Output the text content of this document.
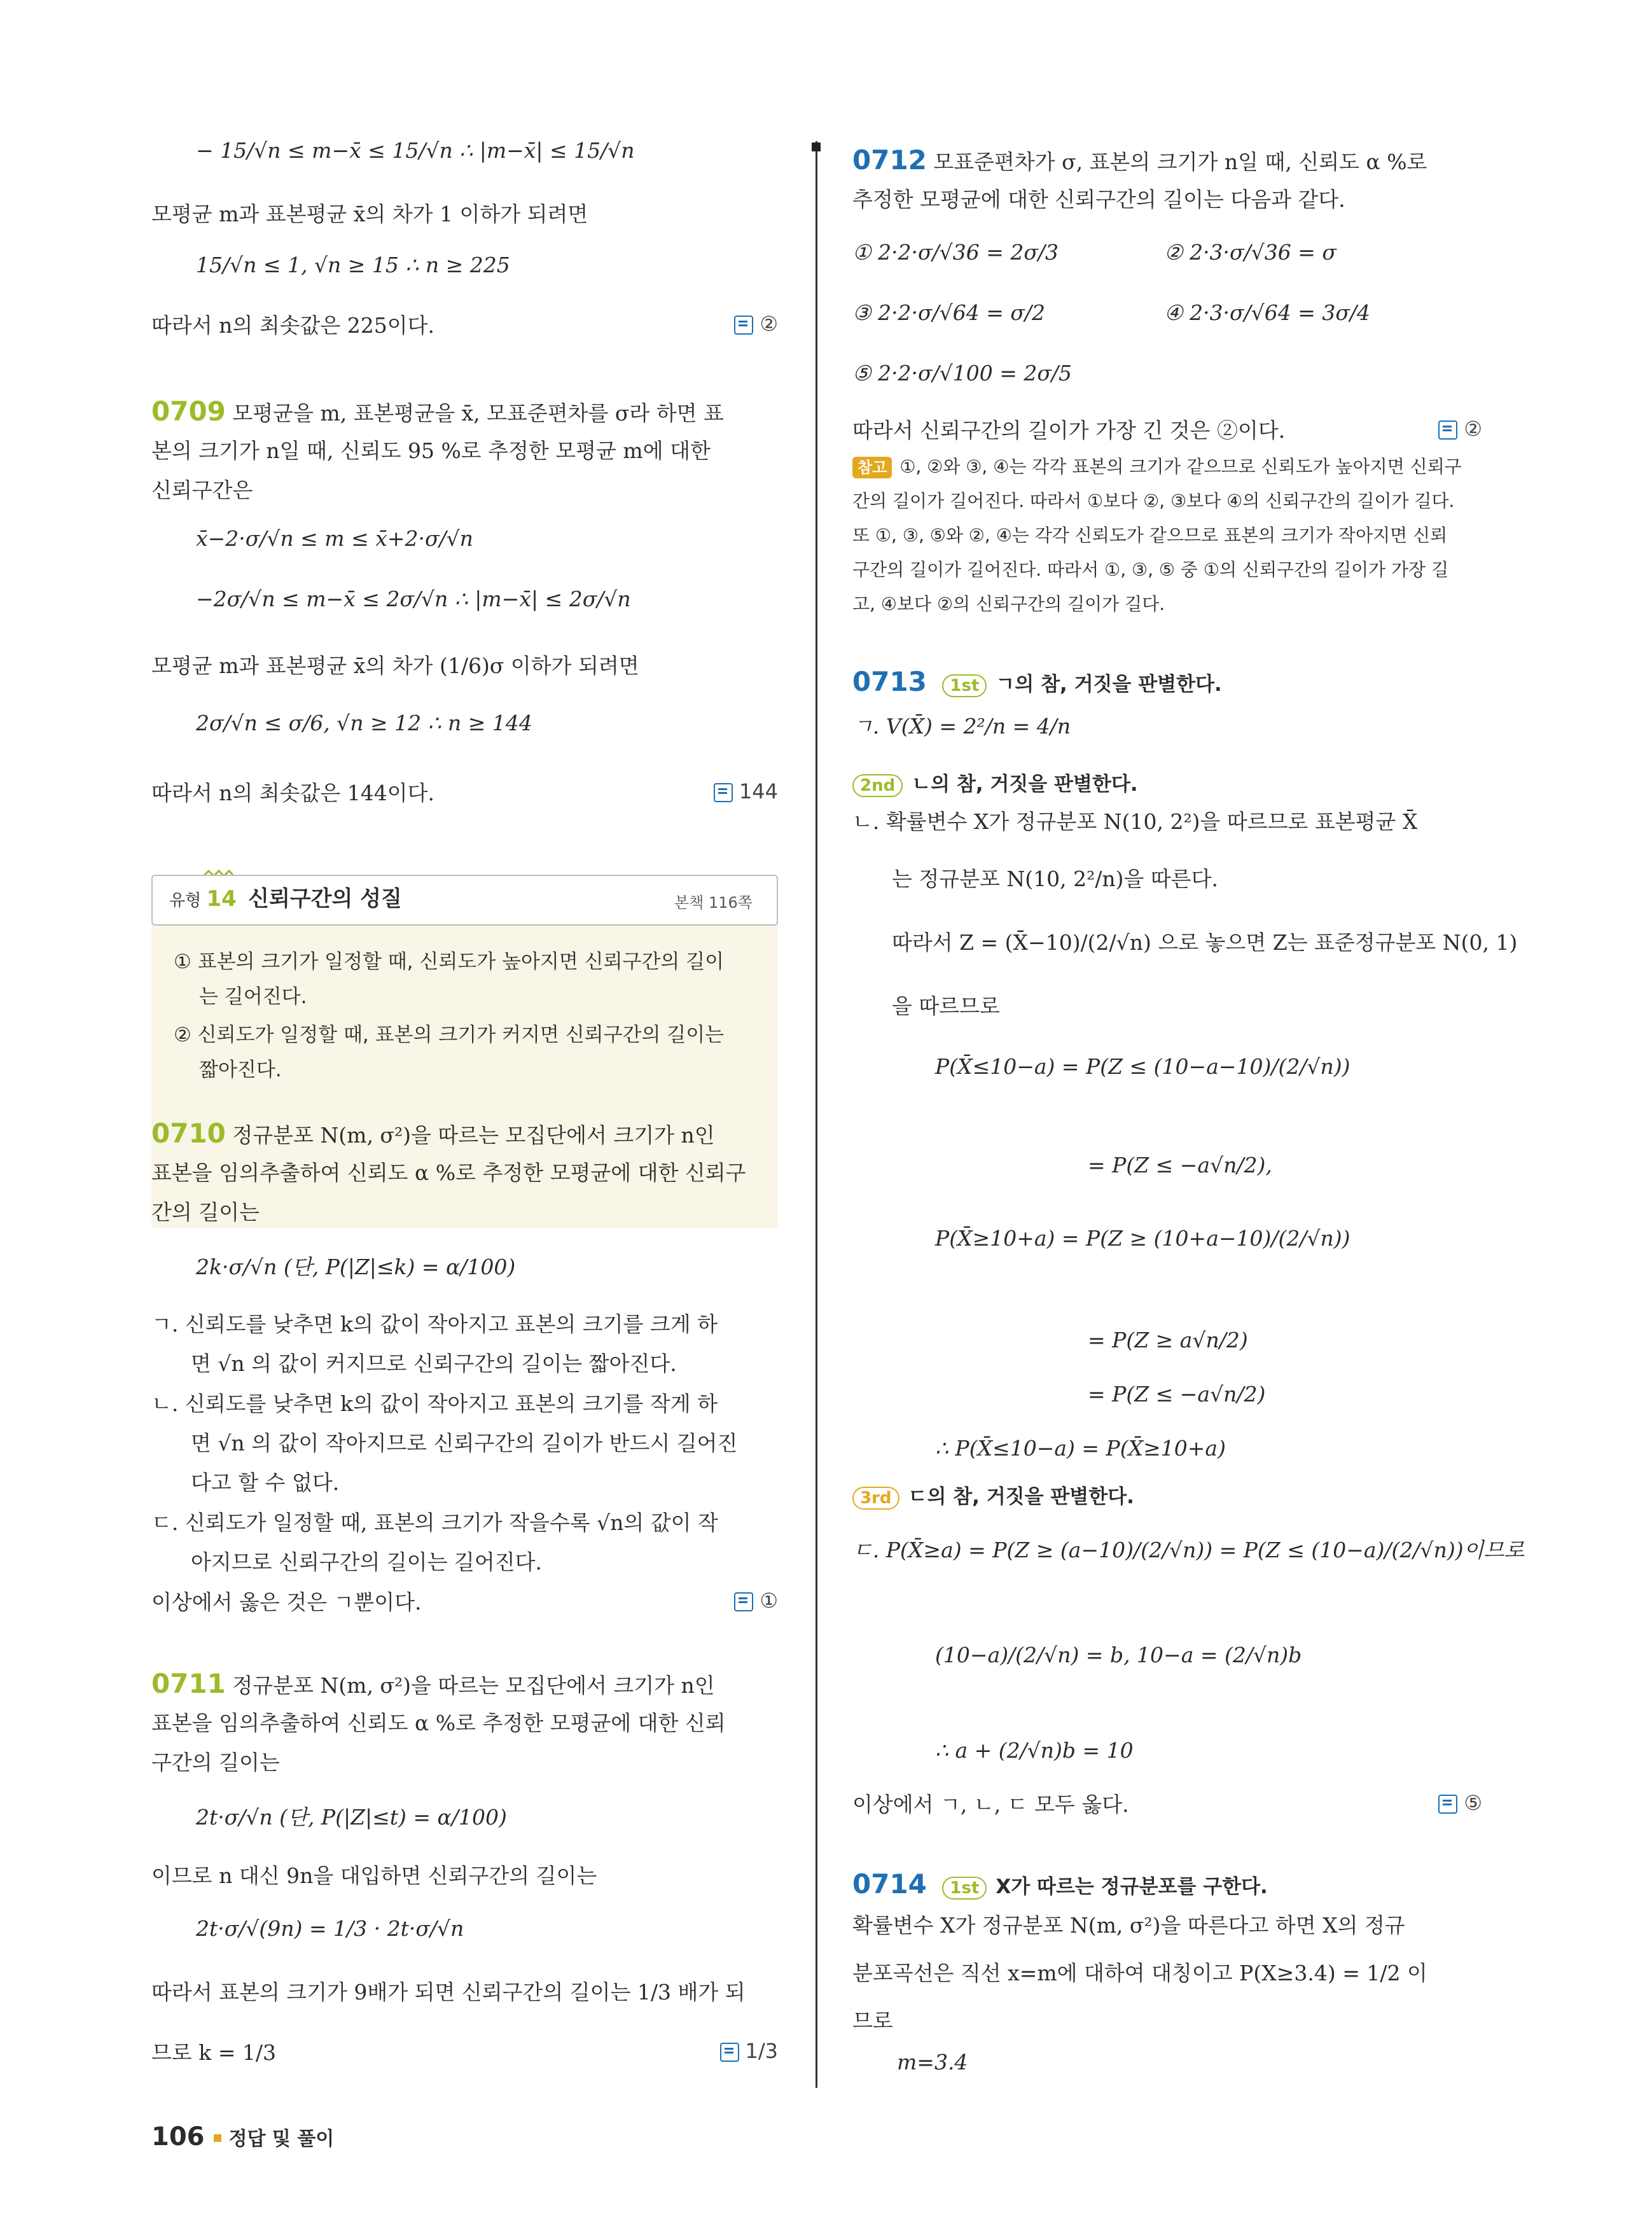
− 15/√n ≤ m−x̄ ≤ 15/√n ∴ |m−x̄| ≤ 15/√n
모평균 m과 표본평균 x̄의 차가 1 이하가 되려면
15/√n ≤ 1, √n ≥ 15 ∴ n ≥ 225
따라서 n의 최솟값은 225이다.	②
0709 모평균을 m, 표본평균을 x̄, 모표준편차를 σ라 하면 표
본의 크기가 n일 때, 신뢰도 95 %로 추정한 모평균 m에 대한
신뢰구간은
x̄−2·σ/√n ≤ m ≤ x̄+2·σ/√n
−2σ/√n ≤ m−x̄ ≤ 2σ/√n ∴ |m−x̄| ≤ 2σ/√n
모평균 m과 표본평균 x̄의 차가 (1/6)σ 이하가 되려면
2σ/√n ≤ σ/6, √n ≥ 12 ∴ n ≥ 144
따라서 n의 최솟값은 144이다.	144
유형 14 신뢰구간의 성질	본책 116쪽
① 표본의 크기가 일정할 때, 신뢰도가 높아지면 신뢰구간의 길이
는 길어진다.
② 신뢰도가 일정할 때, 표본의 크기가 커지면 신뢰구간의 길이는
짧아진다.
0710 정규분포 N(m, σ²)을 따르는 모집단에서 크기가 n인
표본을 임의추출하여 신뢰도 α %로 추정한 모평균에 대한 신뢰구
간의 길이는
2k·σ/√n (단, P(|Z|≤k) = α/100)
ㄱ. 신뢰도를 낮추면 k의 값이 작아지고 표본의 크기를 크게 하
면 √n 의 값이 커지므로 신뢰구간의 길이는 짧아진다.
ㄴ. 신뢰도를 낮추면 k의 값이 작아지고 표본의 크기를 작게 하
면 √n 의 값이 작아지므로 신뢰구간의 길이가 반드시 길어진
다고 할 수 없다.
ㄷ. 신뢰도가 일정할 때, 표본의 크기가 작을수록 √n의 값이 작
아지므로 신뢰구간의 길이는 길어진다.
이상에서 옳은 것은 ㄱ뿐이다.	①
0711 정규분포 N(m, σ²)을 따르는 모집단에서 크기가 n인
표본을 임의추출하여 신뢰도 α %로 추정한 모평균에 대한 신뢰
구간의 길이는
2t·σ/√n (단, P(|Z|≤t) = α/100)
이므로 n 대신 9n을 대입하면 신뢰구간의 길이는
2t·σ/√(9n) = 1/3 · 2t·σ/√n
따라서 표본의 크기가 9배가 되면 신뢰구간의 길이는 1/3 배가 되
므로 k = 1/3	1/3
0712 모표준편차가 σ, 표본의 크기가 n일 때, 신뢰도 α %로
추정한 모평균에 대한 신뢰구간의 길이는 다음과 같다.
① 2·2·σ/√36 = 2σ/3	② 2·3·σ/√36 = σ
③ 2·2·σ/√64 = σ/2	④ 2·3·σ/√64 = 3σ/4
⑤ 2·2·σ/√100 = 2σ/5
따라서 신뢰구간의 길이가 가장 긴 것은 ②이다.	②
참고 ①, ②와 ③, ④는 각각 표본의 크기가 같으므로 신뢰도가 높아지면 신뢰구
간의 길이가 길어진다. 따라서 ①보다 ②, ③보다 ④의 신뢰구간의 길이가 길다.
또 ①, ③, ⑤와 ②, ④는 각각 신뢰도가 같으므로 표본의 크기가 작아지면 신뢰
구간의 길이가 길어진다. 따라서 ①, ③, ⑤ 중 ①의 신뢰구간의 길이가 가장 길
고, ④보다 ②의 신뢰구간의 길이가 길다.
0713 1st ㄱ의 참, 거짓을 판별한다.
ㄱ. V(X̄) = 2²/n = 4/n
2nd ㄴ의 참, 거짓을 판별한다.
ㄴ. 확률변수 X가 정규분포 N(10, 2²)을 따르므로 표본평균 X̄
는 정규분포 N(10, 2²/n)을 따른다.
따라서 Z = (X̄−10)/(2/√n) 으로 놓으면 Z는 표준정규분포 N(0, 1)
을 따르므로
P(X̄≤10−a) = P(Z ≤ (10−a−10)/(2/√n))
= P(Z ≤ −a√n/2),
P(X̄≥10+a) = P(Z ≥ (10+a−10)/(2/√n))
= P(Z ≥ a√n/2)
= P(Z ≤ −a√n/2)
∴ P(X̄≤10−a) = P(X̄≥10+a)
3rd ㄷ의 참, 거짓을 판별한다.
ㄷ. P(X̄≥a) = P(Z ≥ (a−10)/(2/√n)) = P(Z ≤ (10−a)/(2/√n))이므로
(10−a)/(2/√n) = b, 10−a = (2/√n)b
∴ a + (2/√n)b = 10
이상에서 ㄱ, ㄴ, ㄷ 모두 옳다.	⑤
0714 1st X가 따르는 정규분포를 구한다.
확률변수 X가 정규분포 N(m, σ²)을 따른다고 하면 X의 정규
분포곡선은 직선 x=m에 대하여 대칭이고 P(X≥3.4) = 1/2 이
므로
m=3.4
106 정답 및 풀이
